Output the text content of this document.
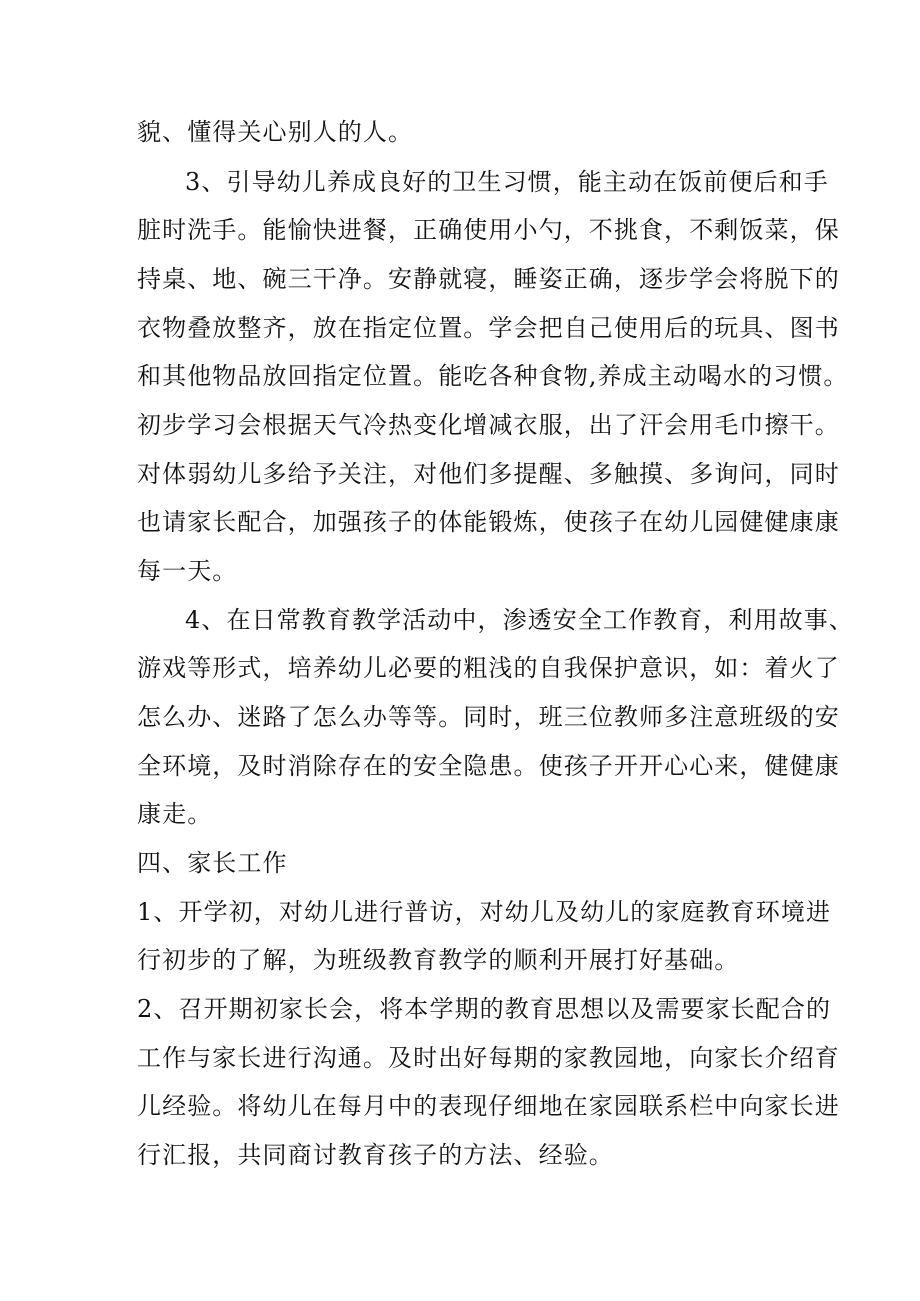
貌、懂得关心别人的人。
3、引导幼儿养成良好的卫生习惯，能主动在饭前便后和手
脏时洗手。能愉快进餐，正确使用小勺，不挑食，不剩饭菜，保
持桌、地、碗三干净。安静就寝，睡姿正确，逐步学会将脱下的
衣物叠放整齐，放在指定位置。学会把自己使用后的玩具、图书
和其他物品放回指定位置。能吃各种食物,养成主动喝水的习惯。
初步学习会根据天气冷热变化增减衣服，出了汗会用毛巾擦干。
对体弱幼儿多给予关注，对他们多提醒、多触摸、多询问，同时
也请家长配合，加强孩子的体能锻炼，使孩子在幼儿园健健康康
每一天。
4、在日常教育教学活动中，渗透安全工作教育，利用故事、
游戏等形式，培养幼儿必要的粗浅的自我保护意识，如：着火了
怎么办、迷路了怎么办等等。同时，班三位教师多注意班级的安
全环境，及时消除存在的安全隐患。使孩子开开心心来，健健康
康走。
四、家长工作
1、开学初，对幼儿进行普访，对幼儿及幼儿的家庭教育环境进
行初步的了解，为班级教育教学的顺利开展打好基础。
2、召开期初家长会，将本学期的教育思想以及需要家长配合的
工作与家长进行沟通。及时出好每期的家教园地，向家长介绍育
儿经验。将幼儿在每月中的表现仔细地在家园联系栏中向家长进
行汇报，共同商讨教育孩子的方法、经验。
